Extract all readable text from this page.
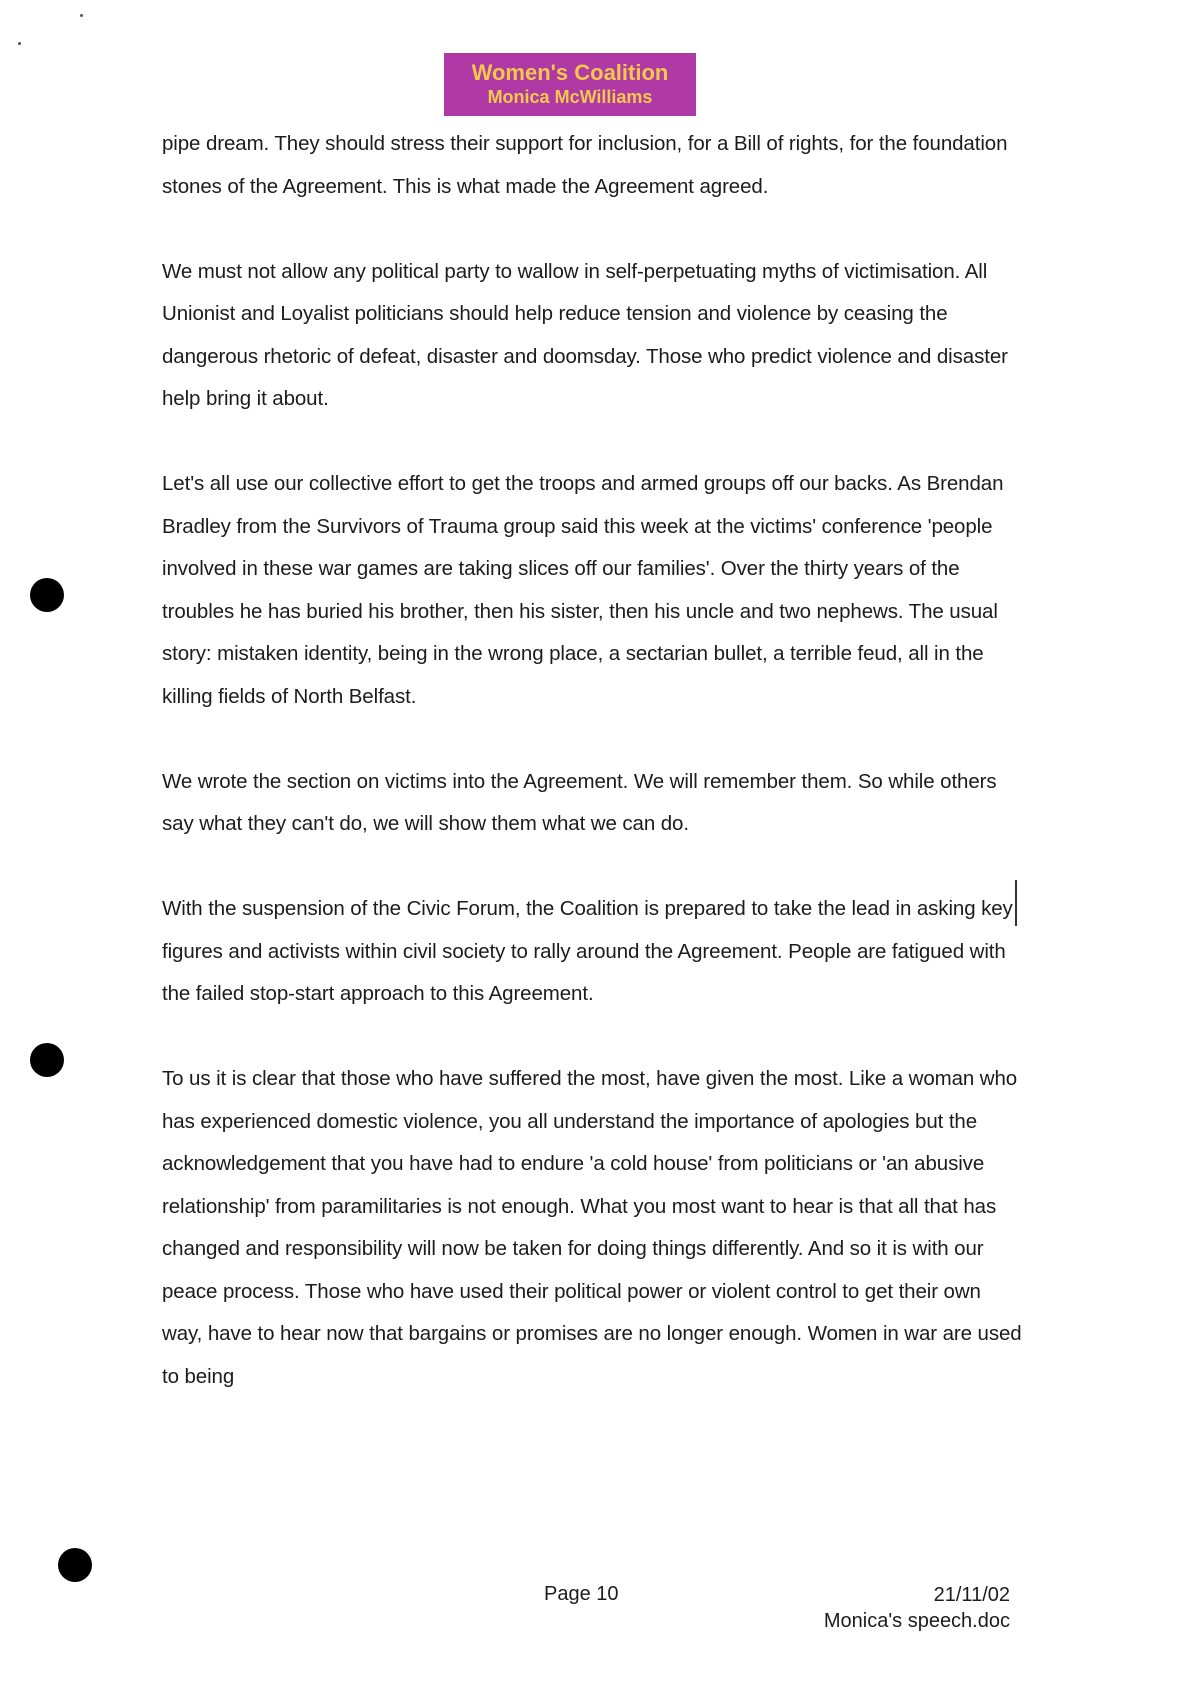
Women's Coalition
Monica McWilliams

pipe dream. They should stress their support for inclusion, for a Bill of rights, for the foundation stones of the Agreement. This is what made the Agreement agreed.

We must not allow any political party to wallow in self-perpetuating myths of victimisation. All Unionist and Loyalist politicians should help reduce tension and violence by ceasing the dangerous rhetoric of defeat, disaster and doomsday. Those who predict violence and disaster help bring it about.

Let's all use our collective effort to get the troops and armed groups off our backs. As Brendan Bradley from the Survivors of Trauma group said this week at the victims' conference 'people involved in these war games are taking slices off our families'. Over the thirty years of the troubles he has buried his brother, then his sister, then his uncle and two nephews. The usual story: mistaken identity, being in the wrong place, a sectarian bullet, a terrible feud, all in the killing fields of North Belfast.

We wrote the section on victims into the Agreement. We will remember them. So while others say what they can't do, we will show them what we can do.

With the suspension of the Civic Forum, the Coalition is prepared to take the lead in asking key figures and activists within civil society to rally around the Agreement. People are fatigued with the failed stop-start approach to this Agreement.

To us it is clear that those who have suffered the most, have given the most. Like a woman who has experienced domestic violence, you all understand the importance of apologies but the acknowledgement that you have had to endure 'a cold house' from politicians or 'an abusive relationship' from paramilitaries is not enough. What you most want to hear is that all that has changed and responsibility will now be taken for doing things differently. And so it is with our peace process. Those who have used their political power or violent control to get their own way, have to hear now that bargains or promises are no longer enough. Women in war are used to being

Page 10	21/11/02
Monica's speech.doc
